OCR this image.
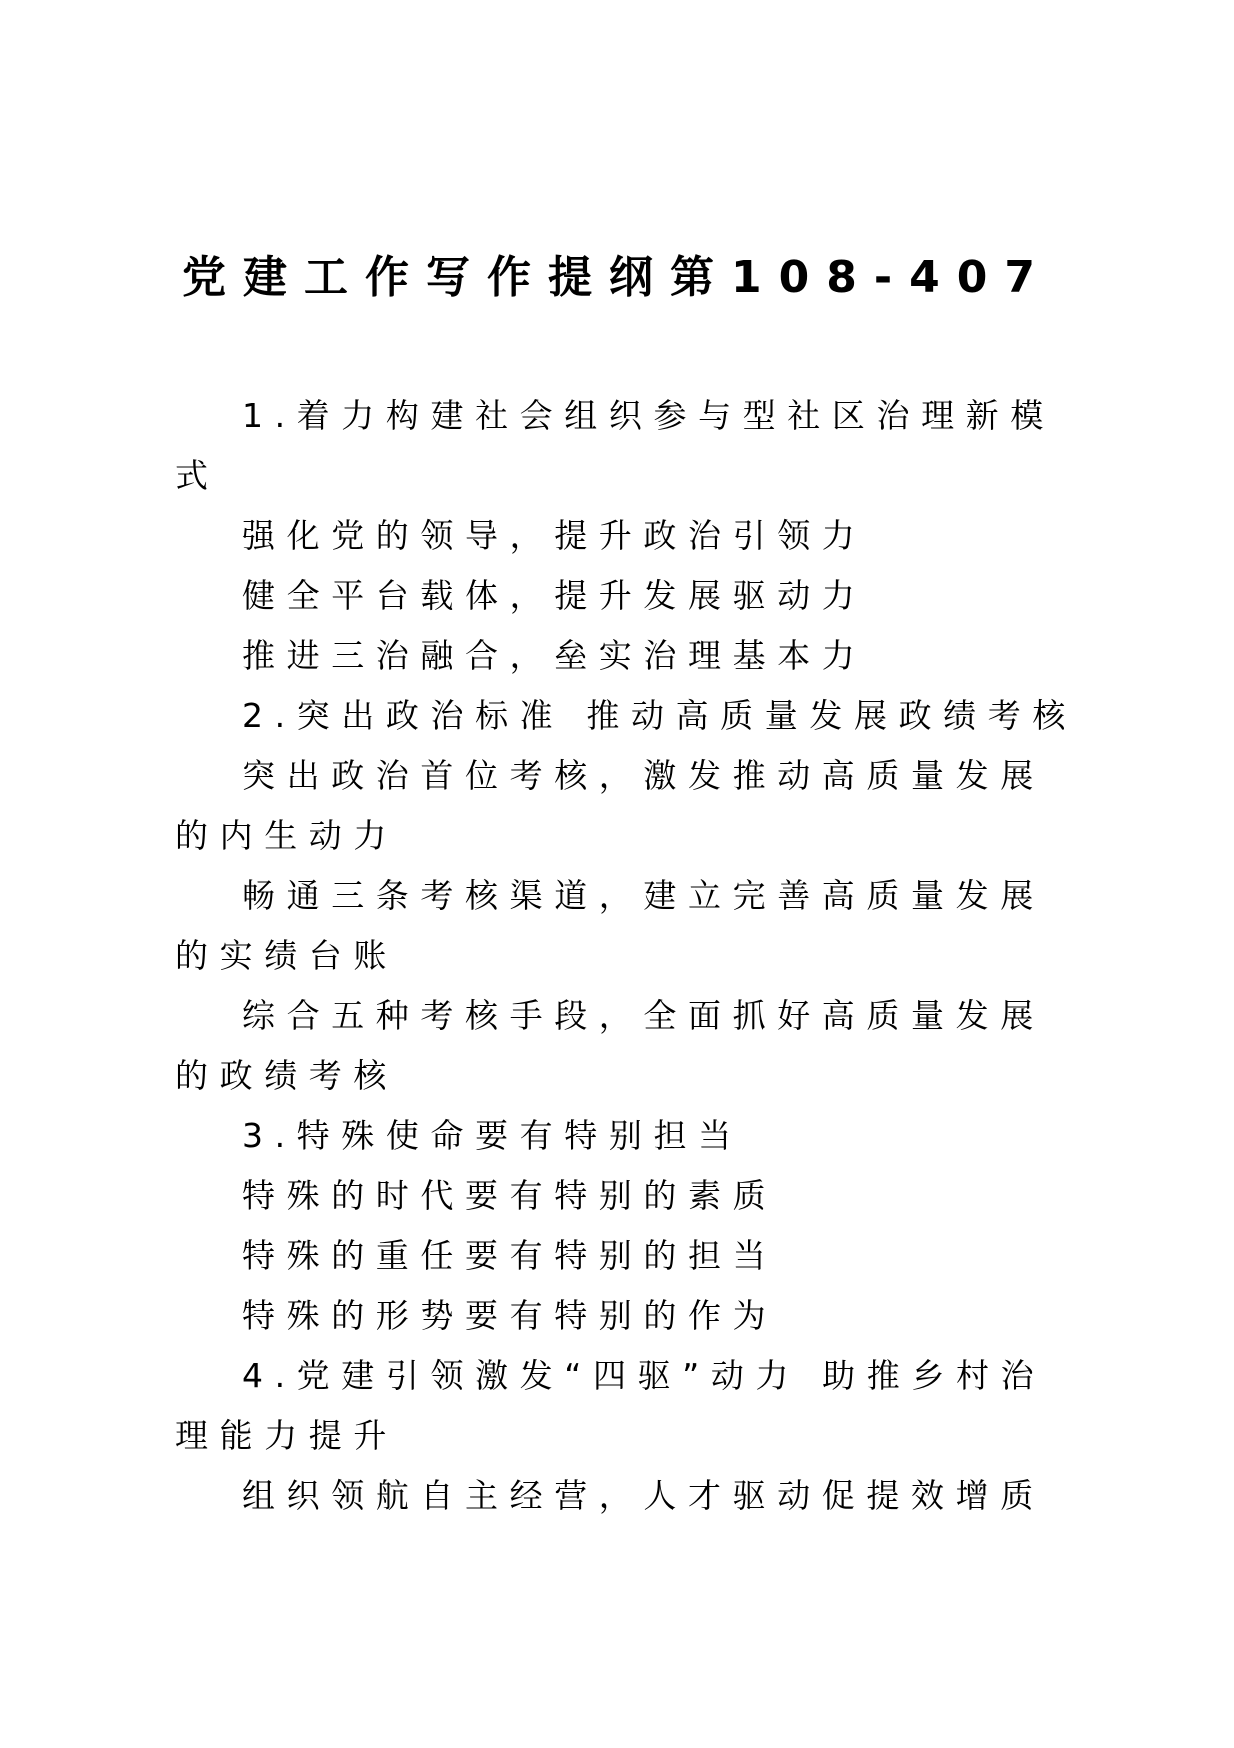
党建工作写作提纲第108-407
1.着力构建社会组织参与型社区治理新模
式
强化党的领导，提升政治引领力
健全平台载体，提升发展驱动力
推进三治融合，垒实治理基本力
2.突出政治标准 推动高质量发展政绩考核
突出政治首位考核，激发推动高质量发展
的内生动力
畅通三条考核渠道，建立完善高质量发展
的实绩台账
综合五种考核手段，全面抓好高质量发展
的政绩考核
3.特殊使命要有特别担当
特殊的时代要有特别的素质
特殊的重任要有特别的担当
特殊的形势要有特别的作为
4.党建引领激发“四驱”动力 助推乡村治
理能力提升
组织领航自主经营，人才驱动促提效增质
